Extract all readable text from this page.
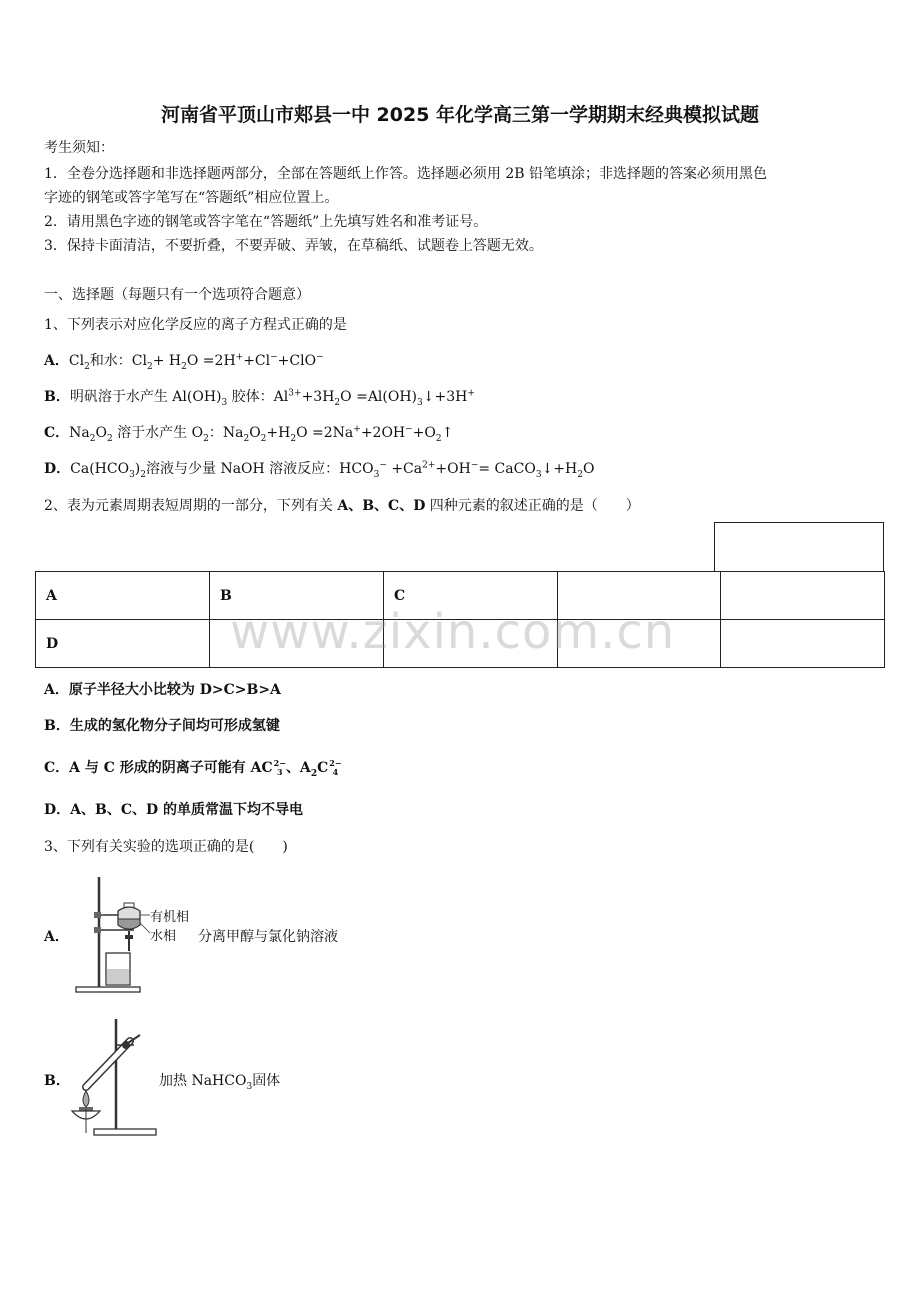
河南省平顶山市郏县一中 2025 年化学高三第一学期期末经典模拟试题
考生须知：
1．全卷分选择题和非选择题两部分，全部在答题纸上作答。选择题必须用 2B 铅笔填涂；非选择题的答案必须用黑色
字迹的钢笔或答字笔写在“答题纸”相应位置上。
2．请用黑色字迹的钢笔或答字笔在“答题纸”上先填写姓名和准考证号。
3．保持卡面清洁，不要折叠，不要弄破、弄皱，在草稿纸、试题卷上答题无效。
一、选择题（每题只有一个选项符合题意）
1、下列表示对应化学反应的离子方程式正确的是
A．$Cl_2$和水：$Cl_2+ H_2O =2H^++Cl^-+ClO^-$
B．明矾溶于水产生 $Al(OH)_3$ 胶体：$Al^{3+}+3H_2O$ $=Al(OH)_3↓+3H^+$
C．$Na_2O_2$ 溶于水产生 $O_2$：$Na_2O_2+H_2O$ $=2Na^++2OH^-+O_2↑$
D．$Ca(HCO_3)_2$溶液与少量 NaOH 溶液反应：$HCO_3^- +Ca^{2+}+OH^-=$ $CaCO_3↓+H_2O$
2、表为元素周期表短周期的一部分，下列有关 A、B、C、D 四种元素的叙述正确的是（　　）
A	B	C		
D					www.zixin.com.cn
A．原子半径大小比较为 D>C>B>A
B．生成的氢化物分子间均可形成氢键
C．A 与 C 形成的阴离子可能有 AC 2−
3 、$A_2C$ 2−
4
D．A、B、C、D 的单质常温下均不导电
3、下列有关实验的选项正确的是(　　)
A．
有机相
水相 分离甲醇与氯化钠溶液
B．	加热 NaHCO$_3$固体
